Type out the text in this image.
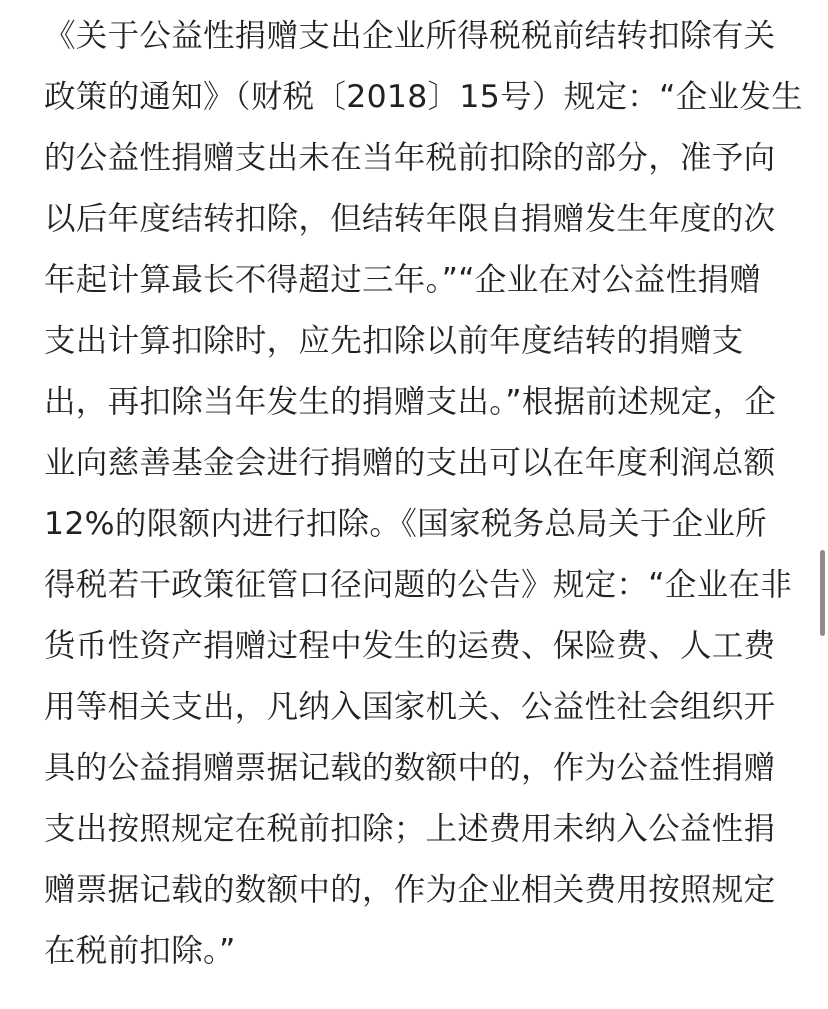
《关于公益性捐赠支出企业所得税税前结转扣除有关
政策的通知》（财税〔2018〕15号）规定：“企业发生
的公益性捐赠支出未在当年税前扣除的部分，准予向
以后年度结转扣除，但结转年限自捐赠发生年度的次
年起计算最长不得超过三年。”“企业在对公益性捐赠
支出计算扣除时，应先扣除以前年度结转的捐赠支
出，再扣除当年发生的捐赠支出。”根据前述规定，企
业向慈善基金会进行捐赠的支出可以在年度利润总额
12%的限额内进行扣除。《国家税务总局关于企业所
得税若干政策征管口径问题的公告》规定：“企业在非
货币性资产捐赠过程中发生的运费、保险费、人工费
用等相关支出，凡纳入国家机关、公益性社会组织开
具的公益捐赠票据记载的数额中的，作为公益性捐赠
支出按照规定在税前扣除；上述费用未纳入公益性捐
赠票据记载的数额中的，作为企业相关费用按照规定
在税前扣除。”
